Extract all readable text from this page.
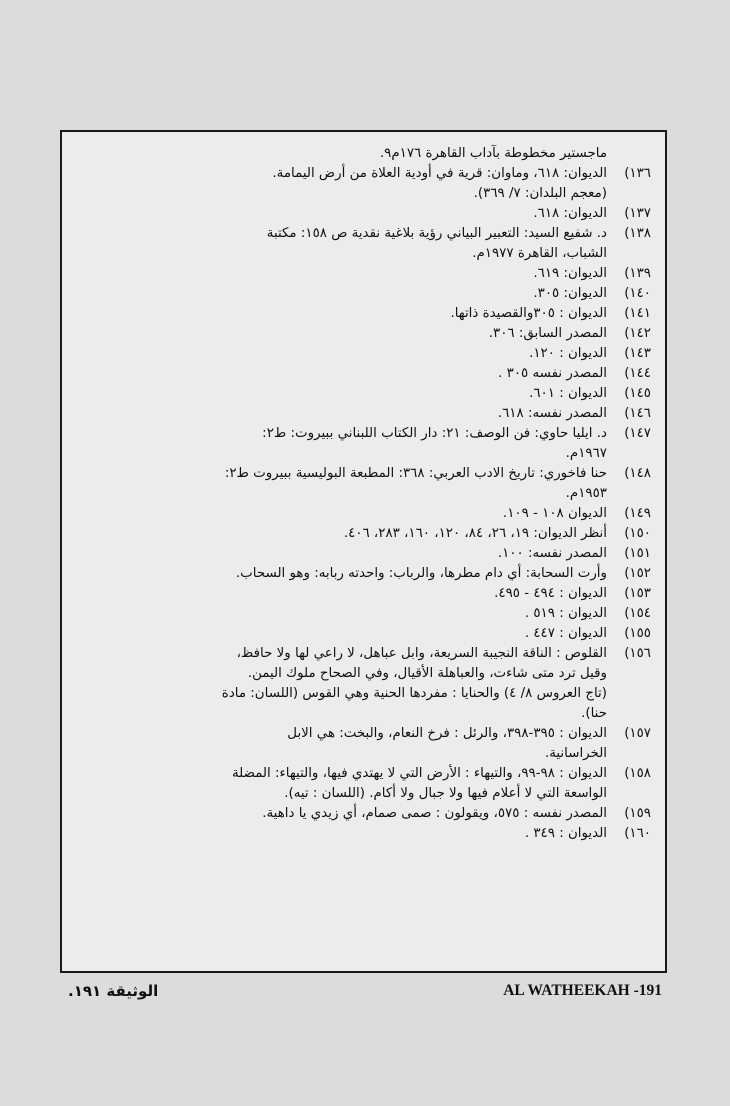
ماجستير مخطوطة بآداب القاهرة ١٧٦م٩.
١٣٦)
الديوان: ٦١٨، وماوان: قرية في أودية العلاة من أرض اليمامة.
(معجم البلدان: ٧/ ٣٦٩).
١٣٧)
الديوان: ٦١٨.
١٣٨)
د. شفيع السيد: التعبير البياني رؤية بلاغية نقدية ص ١٥٨: مكتبة
الشباب، القاهرة ١٩٧٧م.
١٣٩)
الديوان: ٦١٩.
١٤٠)
الديوان: ٣٠٥.
١٤١)
الديوان : ٣٠٥والقصيدة ذاتها.
١٤٢)
المصدر السابق: ٣٠٦.
١٤٣)
الديوان : ١٢٠.
١٤٤)
المصدر نفسه ٣٠٥ .
١٤٥)
الديوان : ٦٠١.
١٤٦)
المصدر نفسه: ٦١٨.
١٤٧)
د. ايليا حاوي: فن الوصف: ٢١: دار الكتاب اللبناني ببيروت: ط٢:
١٩٦٧م.
١٤٨)
حنا فاخوري: تاريخ الادب العربي: ٣٦٨: المطبعة البوليسية ببيروت ط٢:
١٩٥٣م.
١٤٩)
الديوان ١٠٨ - ١٠٩.
١٥٠)
أنظر الديوان: ١٩، ٢٦، ٨٤، ١٢٠، ١٦٠، ٢٨٣، ٤٠٦.
١٥١)
المصدر نفسه: ١٠٠.
١٥٢)
وأرت السحابة: أي دام مطرها، والرباب: واحدته ربابه: وهو السحاب.
١٥٣)
الديوان : ٤٩٤ - ٤٩٥.
١٥٤)
الديوان : ٥١٩ .
١٥٥)
الديوان : ٤٤٧ .
١٥٦)
القلوص : الناقة النجيبة السريعة، وابل عباهل، لا راعي لها ولا حافظ،
وقيل ترد متى شاءت، والعباهلة الأقيال، وفي الصحاح ملوك اليمن.
(تاج العروس ٨/ ٤) والحنايا : مفردها الحنية وهي القوس (اللسان: مادة
حنا).
١٥٧)
الديوان : ٣٩٥-٣٩٨، والرئل : فرخ النعام، والبخت: هي الابل
الخراسانية.
١٥٨)
الديوان : ٩٨-٩٩، والتيهاء : الأرض التي لا يهتدي فيها، والتيهاء: المضلة
الواسعة التي لا أعلام فيها ولا جبال ولا أكام. (اللسان : تيه).
١٥٩)
المصدر نفسه : ٥٧٥، ويقولون : صمى صمام، أي زيدي يا داهية.
١٦٠)
الديوان : ٣٤٩ .
الوثيقة ١٩١.	AL WATHEEKAH -191
